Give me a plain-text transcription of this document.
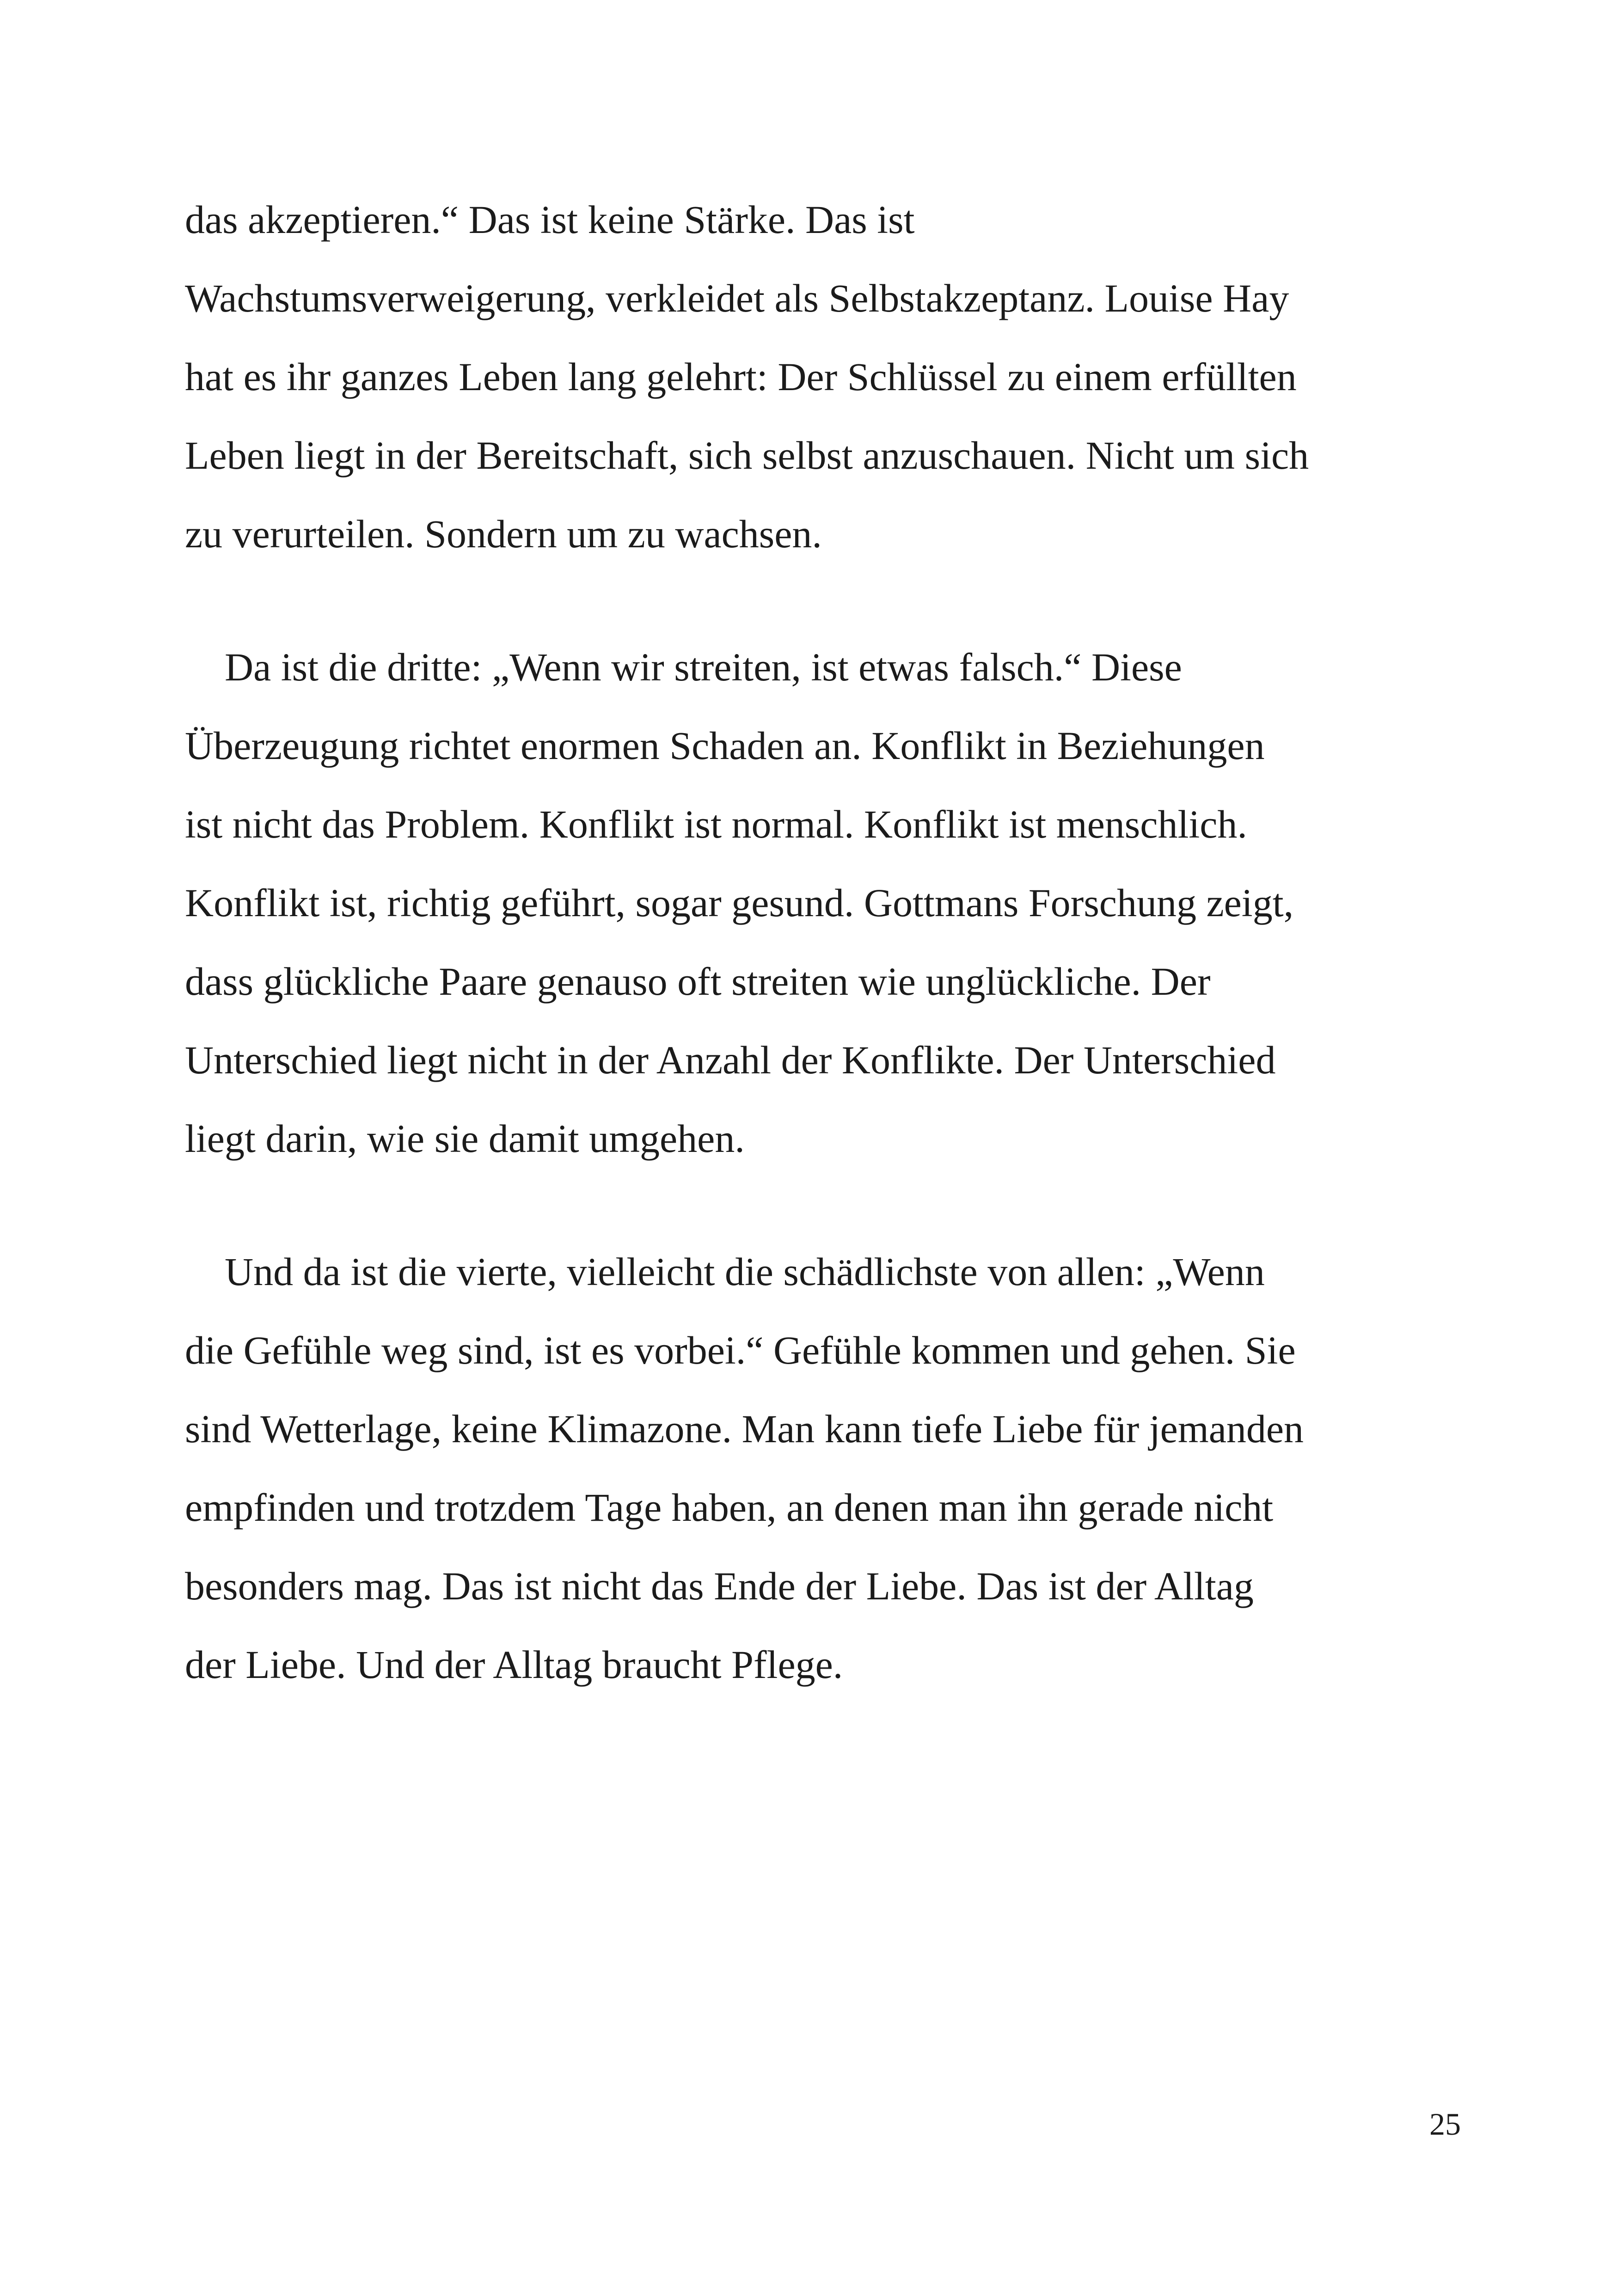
das akzeptieren.“ Das ist keine Stärke. Das ist
Wachstumsverweigerung, verkleidet als Selbstakzeptanz. Louise Hay
hat es ihr ganzes Leben lang gelehrt: Der Schlüssel zu einem erfüllten
Leben liegt in der Bereitschaft, sich selbst anzuschauen. Nicht um sich
zu verurteilen. Sondern um zu wachsen.

Da ist die dritte: „Wenn wir streiten, ist etwas falsch.“ Diese
Überzeugung richtet enormen Schaden an. Konflikt in Beziehungen
ist nicht das Problem. Konflikt ist normal. Konflikt ist menschlich.
Konflikt ist, richtig geführt, sogar gesund. Gottmans Forschung zeigt,
dass glückliche Paare genauso oft streiten wie unglückliche. Der
Unterschied liegt nicht in der Anzahl der Konflikte. Der Unterschied
liegt darin, wie sie damit umgehen.

Und da ist die vierte, vielleicht die schädlichste von allen: „Wenn
die Gefühle weg sind, ist es vorbei.“ Gefühle kommen und gehen. Sie
sind Wetterlage, keine Klimazone. Man kann tiefe Liebe für jemanden
empfinden und trotzdem Tage haben, an denen man ihn gerade nicht
besonders mag. Das ist nicht das Ende der Liebe. Das ist der Alltag
der Liebe. Und der Alltag braucht Pflege.

25
